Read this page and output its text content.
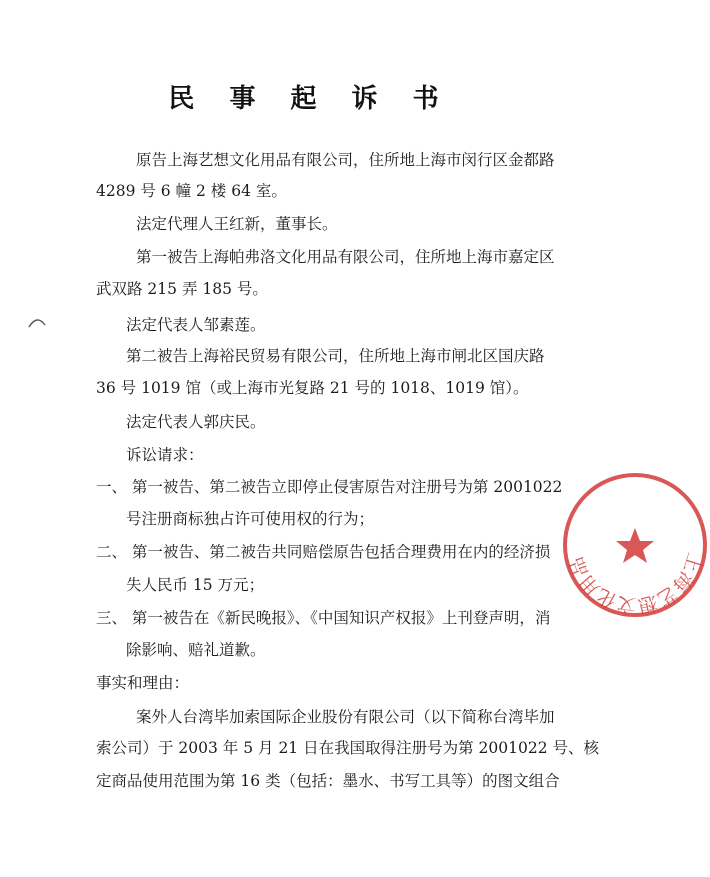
民 事 起 诉 书
原告上海艺想文化用品有限公司，住所地上海市闵行区金都路
4289 号 6 幢 2 楼 64 室。
法定代理人王红新，董事长。
第一被告上海帕弗洛文化用品有限公司，住所地上海市嘉定区
武双路 215 弄 185 号。
法定代表人邹素莲。
第二被告上海裕民贸易有限公司，住所地上海市闸北区国庆路
36 号 1019 馆（或上海市光复路 21 号的 1018、1019 馆）。
法定代表人郭庆民。
诉讼请求：
一、 第一被告、第二被告立即停止侵害原告对注册号为第 2001022
号注册商标独占许可使用权的行为；
二、 第一被告、第二被告共同赔偿原告包括合理费用在内的经济损
失人民币 15 万元；
三、 第一被告在《新民晚报》、《中国知识产权报》上刊登声明，消
除影响、赔礼道歉。
事实和理由：
案外人台湾毕加索国际企业股份有限公司（以下简称台湾毕加
索公司）于 2003 年 5 月 21 日在我国取得注册号为第 2001022 号、核
定商品使用范围为第 16 类（包括：墨水、书写工具等）的图文组合
上海艺想文化用品
